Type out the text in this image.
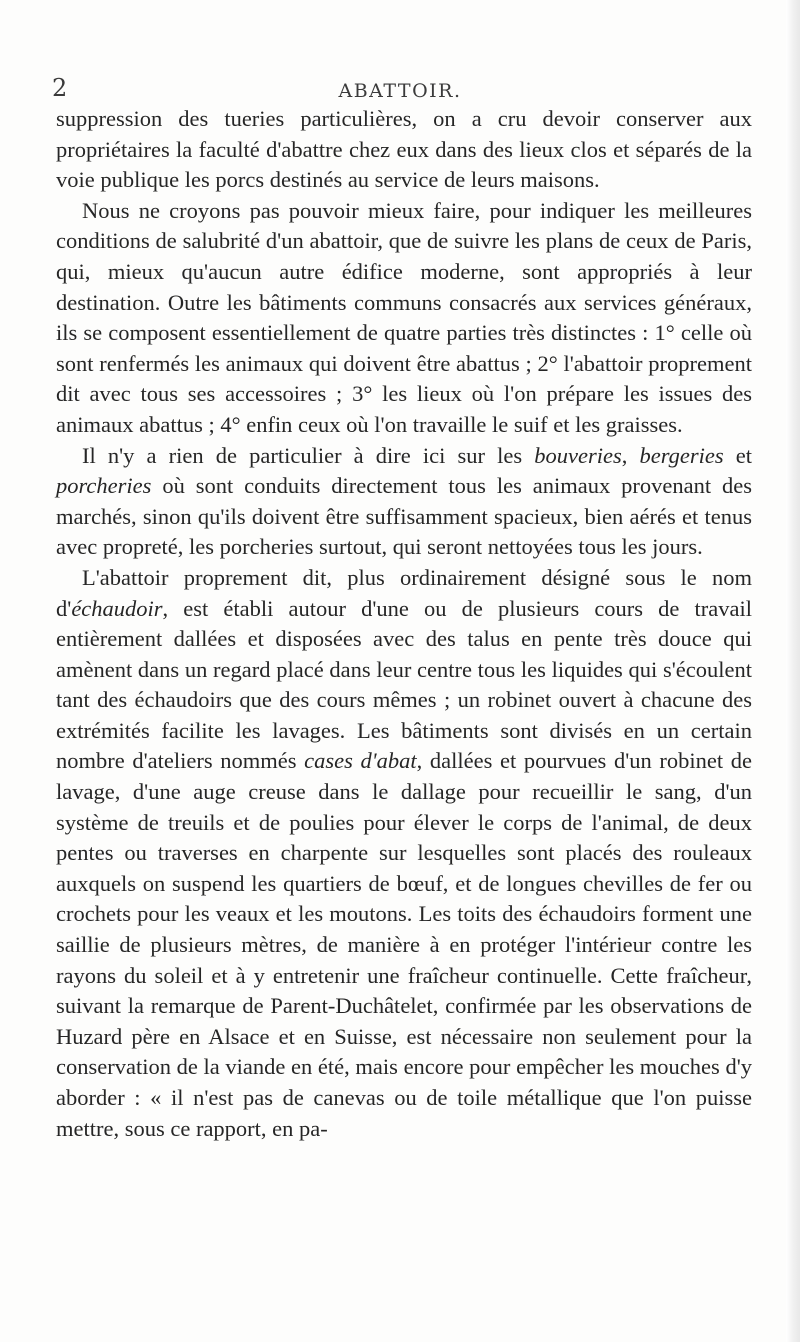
2	ABATTOIR.

suppression des tueries particulières, on a cru devoir conserver aux propriétaires la faculté d'abattre chez eux dans des lieux clos et séparés de la voie publique les porcs destinés au service de leurs maisons.

Nous ne croyons pas pouvoir mieux faire, pour indiquer les meilleures conditions de salubrité d'un abattoir, que de suivre les plans de ceux de Paris, qui, mieux qu'aucun autre édifice moderne, sont appropriés à leur destination. Outre les bâtiments communs consacrés aux services généraux, ils se composent essentiellement de quatre parties très distinctes : 1° celle où sont renfermés les animaux qui doivent être abattus ; 2° l'abattoir proprement dit avec tous ses accessoires ; 3° les lieux où l'on prépare les issues des animaux abattus ; 4° enfin ceux où l'on travaille le suif et les graisses.

Il n'y a rien de particulier à dire ici sur les bouveries, bergeries et porcheries où sont conduits directement tous les animaux provenant des marchés, sinon qu'ils doivent être suffisamment spacieux, bien aérés et tenus avec propreté, les porcheries surtout, qui seront nettoyées tous les jours.

L'abattoir proprement dit, plus ordinairement désigné sous le nom d'échaudoir, est établi autour d'une ou de plusieurs cours de travail entièrement dallées et disposées avec des talus en pente très douce qui amènent dans un regard placé dans leur centre tous les liquides qui s'écoulent tant des échaudoirs que des cours mêmes ; un robinet ouvert à chacune des extrémités facilite les lavages. Les bâtiments sont divisés en un certain nombre d'ateliers nommés cases d'abat, dallées et pourvues d'un robinet de lavage, d'une auge creuse dans le dallage pour recueillir le sang, d'un système de treuils et de poulies pour élever le corps de l'animal, de deux pentes ou traverses en charpente sur lesquelles sont placés des rouleaux auxquels on suspend les quartiers de bœuf, et de longues chevilles de fer ou crochets pour les veaux et les moutons. Les toits des échaudoirs forment une saillie de plusieurs mètres, de manière à en protéger l'intérieur contre les rayons du soleil et à y entretenir une fraîcheur continuelle. Cette fraîcheur, suivant la remarque de Parent-Duchâtelet, confirmée par les observations de Huzard père en Alsace et en Suisse, est nécessaire non seulement pour la conservation de la viande en été, mais encore pour empêcher les mouches d'y aborder : « il n'est pas de canevas ou de toile métallique que l'on puisse mettre, sous ce rapport, en pa-
